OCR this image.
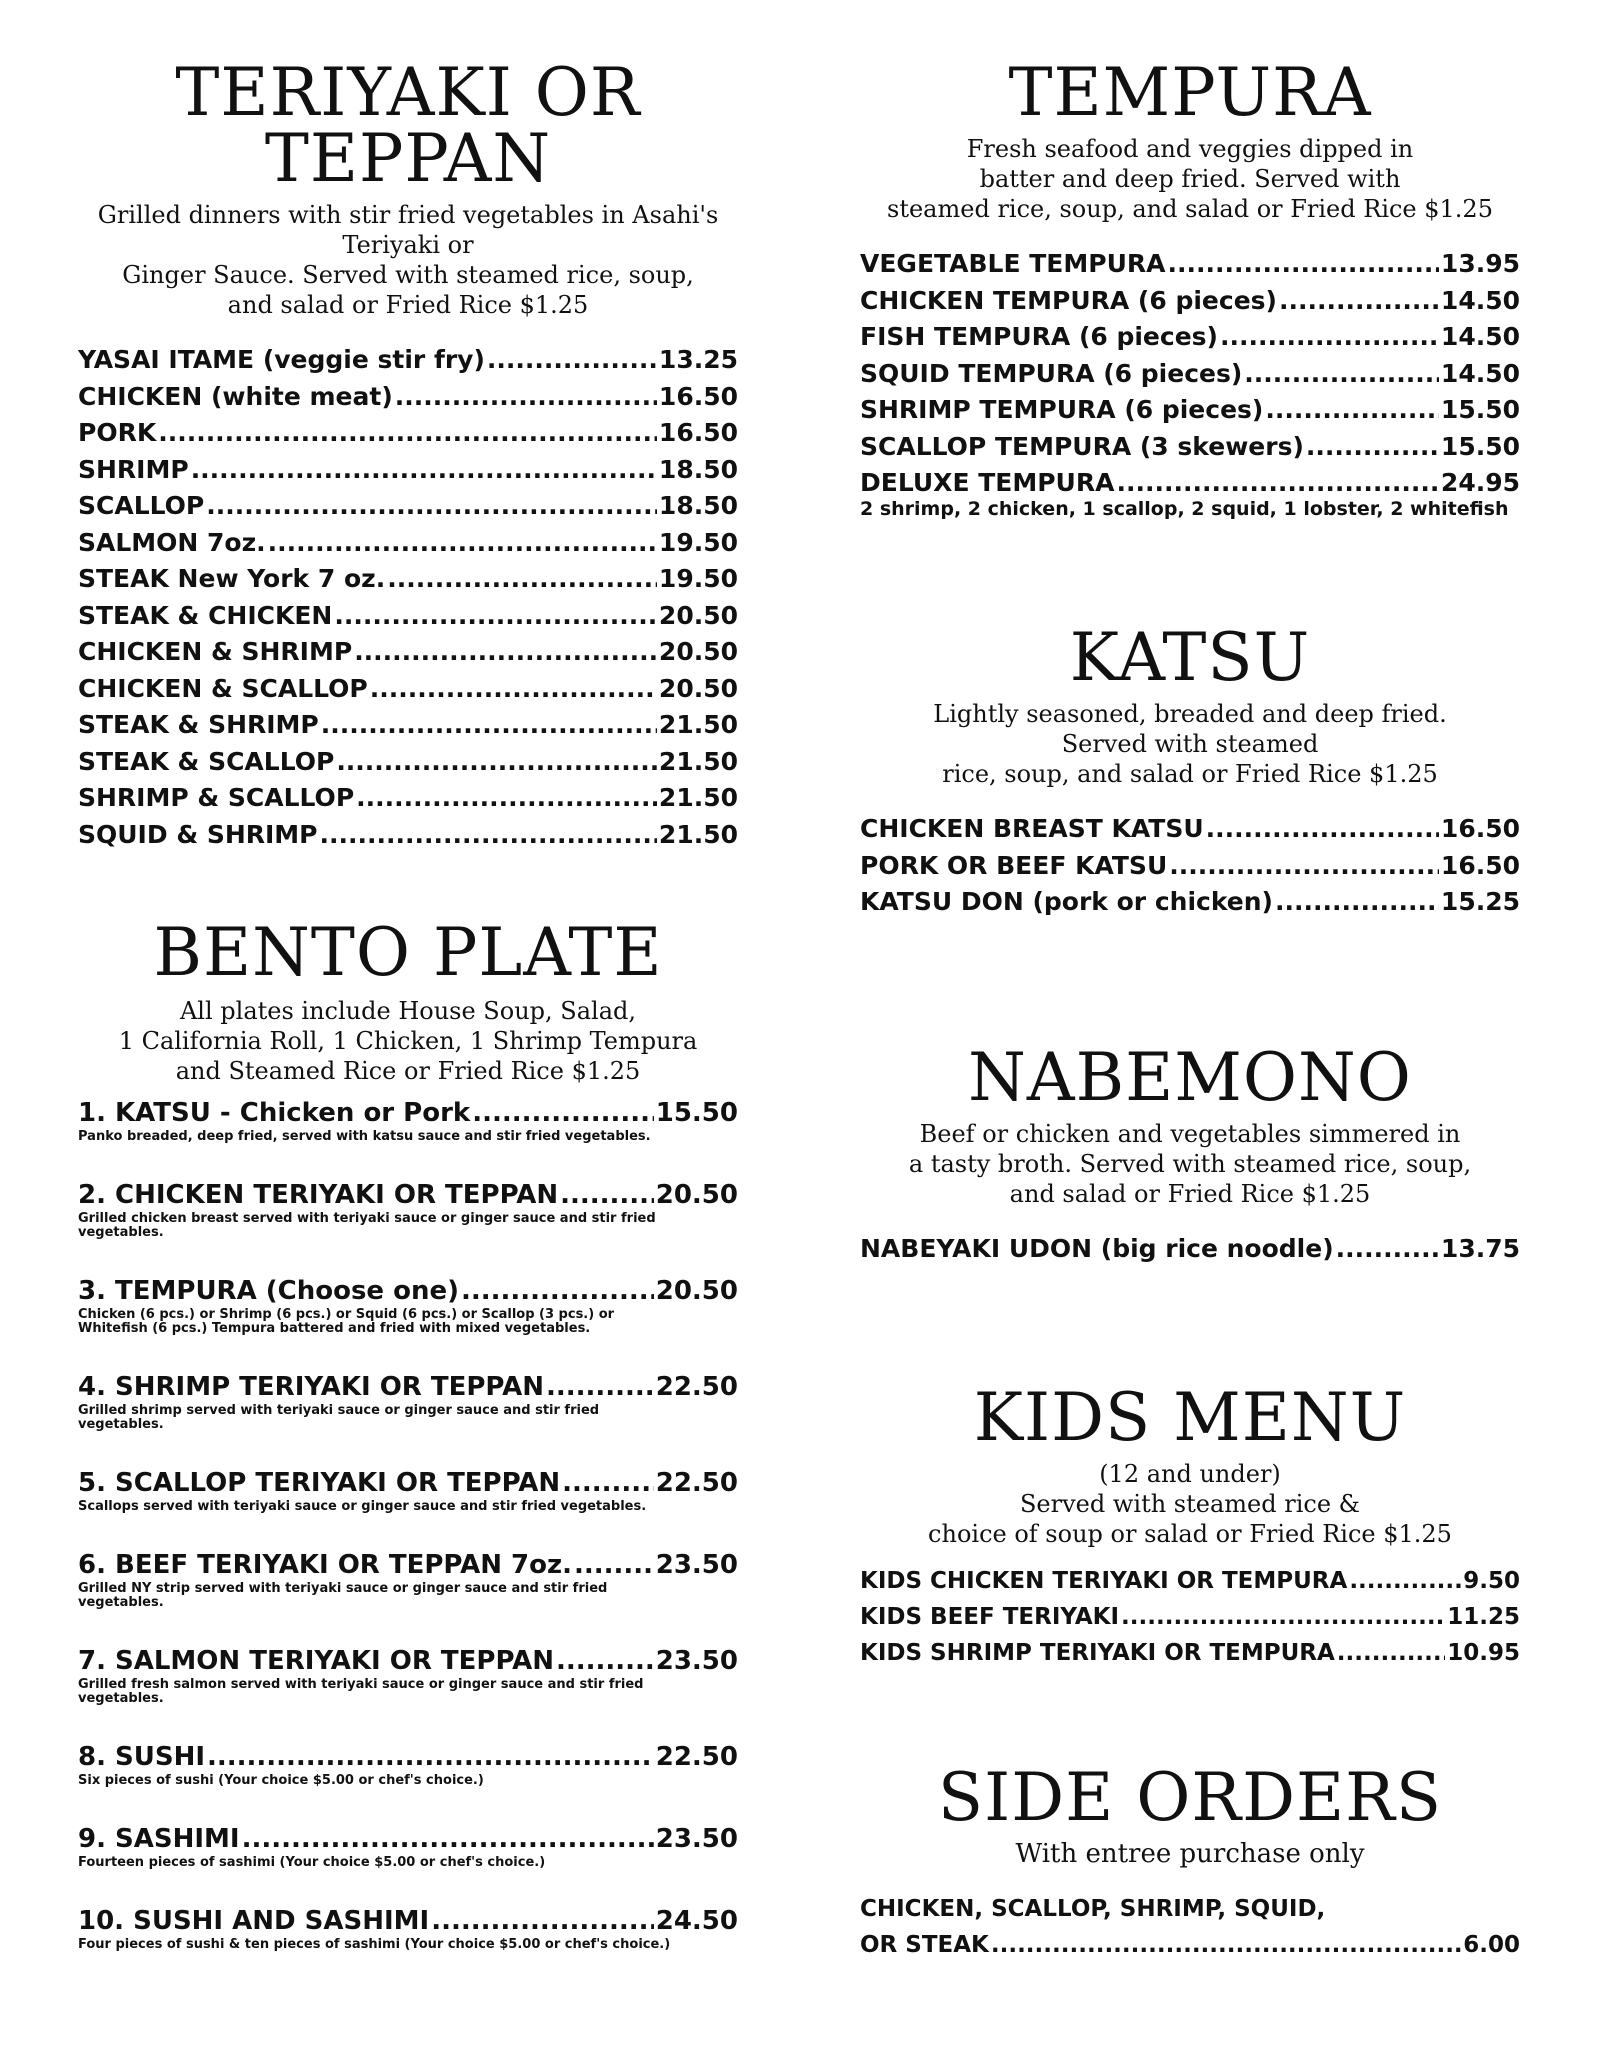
TERIYAKI OR TEPPAN

Grilled dinners with stir fried vegetables in Asahi's Teriyaki or
Ginger Sauce. Served with steamed rice, soup,
and salad or Fried Rice $1.25

YASAI ITAME (veggie stir fry) .....	13.25
CHICKEN (white meat) .....	16.50
PORK .....	16.50
SHRIMP .....	18.50
SCALLOP .....	18.50
SALMON 7oz. .....	19.50
STEAK New York 7 oz. .....	19.50
STEAK & CHICKEN .....	20.50
CHICKEN & SHRIMP .....	20.50
CHICKEN & SCALLOP .....	20.50
STEAK & SHRIMP .....	21.50
STEAK & SCALLOP .....	21.50
SHRIMP & SCALLOP .....	21.50
SQUID & SHRIMP .....	21.50
BENTO PLATE

All plates include House Soup, Salad,
1 California Roll, 1 Chicken, 1 Shrimp Tempura
and Steamed Rice or Fried Rice $1.25

1. KATSU - Chicken or Pork .....	15.50
Panko breaded, deep fried, served with katsu sauce and stir fried vegetables.
2. CHICKEN TERIYAKI OR TEPPAN .....	20.50
Grilled chicken breast served with teriyaki sauce or ginger sauce and stir fried
vegetables.
3. TEMPURA (Choose one) .....	20.50
Chicken (6 pcs.) or Shrimp (6 pcs.) or Squid (6 pcs.) or Scallop (3 pcs.) or
Whitefish (6 pcs.) Tempura battered and fried with mixed vegetables.
4. SHRIMP TERIYAKI OR TEPPAN .....	22.50
Grilled shrimp served with teriyaki sauce or ginger sauce and stir fried
vegetables.
5. SCALLOP TERIYAKI OR TEPPAN .....	22.50
Scallops served with teriyaki sauce or ginger sauce and stir fried vegetables.
6. BEEF TERIYAKI OR TEPPAN 7oz. .....	23.50
Grilled NY strip served with teriyaki sauce or ginger sauce and stir fried
vegetables.
7. SALMON TERIYAKI OR TEPPAN .....	23.50
Grilled fresh salmon served with teriyaki sauce or ginger sauce and stir fried
vegetables.
8. SUSHI .....	22.50
Six pieces of sushi (Your choice $5.00 or chef's choice.)
9. SASHIMI .....	23.50
Fourteen pieces of sashimi (Your choice $5.00 or chef's choice.)
10. SUSHI AND SASHIMI .....	24.50
Four pieces of sushi & ten pieces of sashimi (Your choice $5.00 or chef's choice.)
TEMPURA

Fresh seafood and veggies dipped in
batter and deep fried. Served with
steamed rice, soup, and salad or Fried Rice $1.25

VEGETABLE TEMPURA .....	13.95
CHICKEN TEMPURA (6 pieces) .....	14.50
FISH TEMPURA (6 pieces) .....	14.50
SQUID TEMPURA (6 pieces) .....	14.50
SHRIMP TEMPURA (6 pieces) .....	15.50
SCALLOP TEMPURA (3 skewers) .....	15.50
DELUXE TEMPURA .....	24.95
2 shrimp, 2 chicken, 1 scallop, 2 squid, 1 lobster, 2 whitefish
KATSU

Lightly seasoned, breaded and deep fried.
Served with steamed
rice, soup, and salad or Fried Rice $1.25

CHICKEN BREAST KATSU .....	16.50
PORK OR BEEF KATSU .....	16.50
KATSU DON (pork or chicken) .....	15.25
NABEMONO

Beef or chicken and vegetables simmered in
a tasty broth. Served with steamed rice, soup,
and salad or Fried Rice $1.25

NABEYAKI UDON (big rice noodle) .....	13.75
KIDS MENU

(12 and under)
Served with steamed rice &
choice of soup or salad or Fried Rice $1.25

KIDS CHICKEN TERIYAKI OR TEMPURA .....	9.50
KIDS BEEF TERIYAKI .....	11.25
KIDS SHRIMP TERIYAKI OR TEMPURA .....	10.95
SIDE ORDERS

With entree purchase only

CHICKEN, SCALLOP, SHRIMP, SQUID,
OR STEAK .....	6.00
